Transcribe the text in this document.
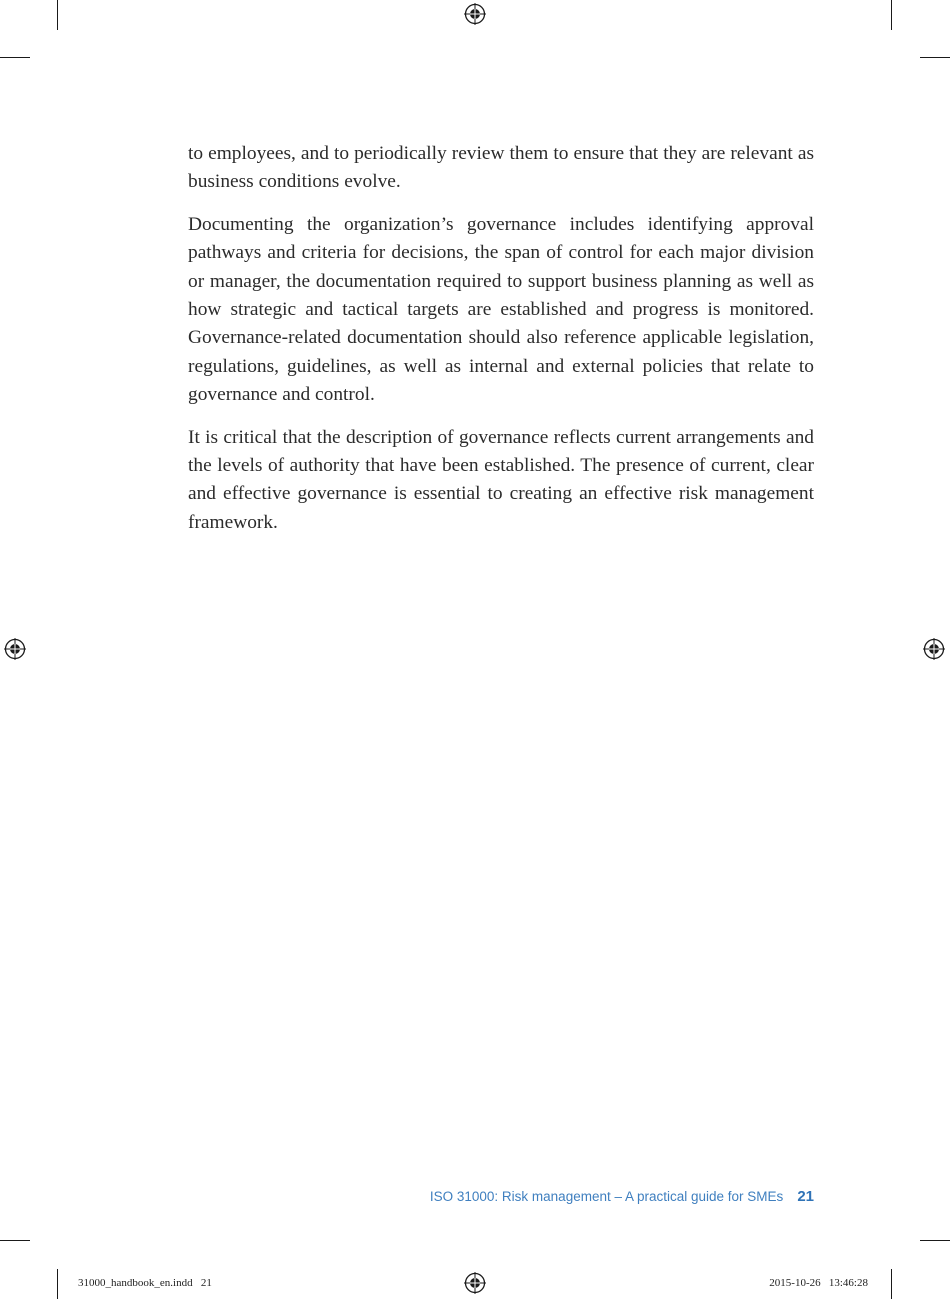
to employees, and to periodically review them to ensure that they are relevant as business conditions evolve.

Documenting the organization’s governance includes identifying approval pathways and criteria for decisions, the span of control for each major division or manager, the documentation required to support business planning as well as how strategic and tactical targets are established and progress is monitored. Governance-related documentation should also reference applicable legislation, regulations, guidelines, as well as internal and external policies that relate to governance and control.

It is critical that the description of governance reflects current arrangements and the levels of authority that have been established. The presence of current, clear and effective governance is essential to creating an effective risk management framework.

ISO 31000: Risk management – A practical guide for SMEs 21
31000_handbook_en.indd   21	2015-10-26   13:46:28
